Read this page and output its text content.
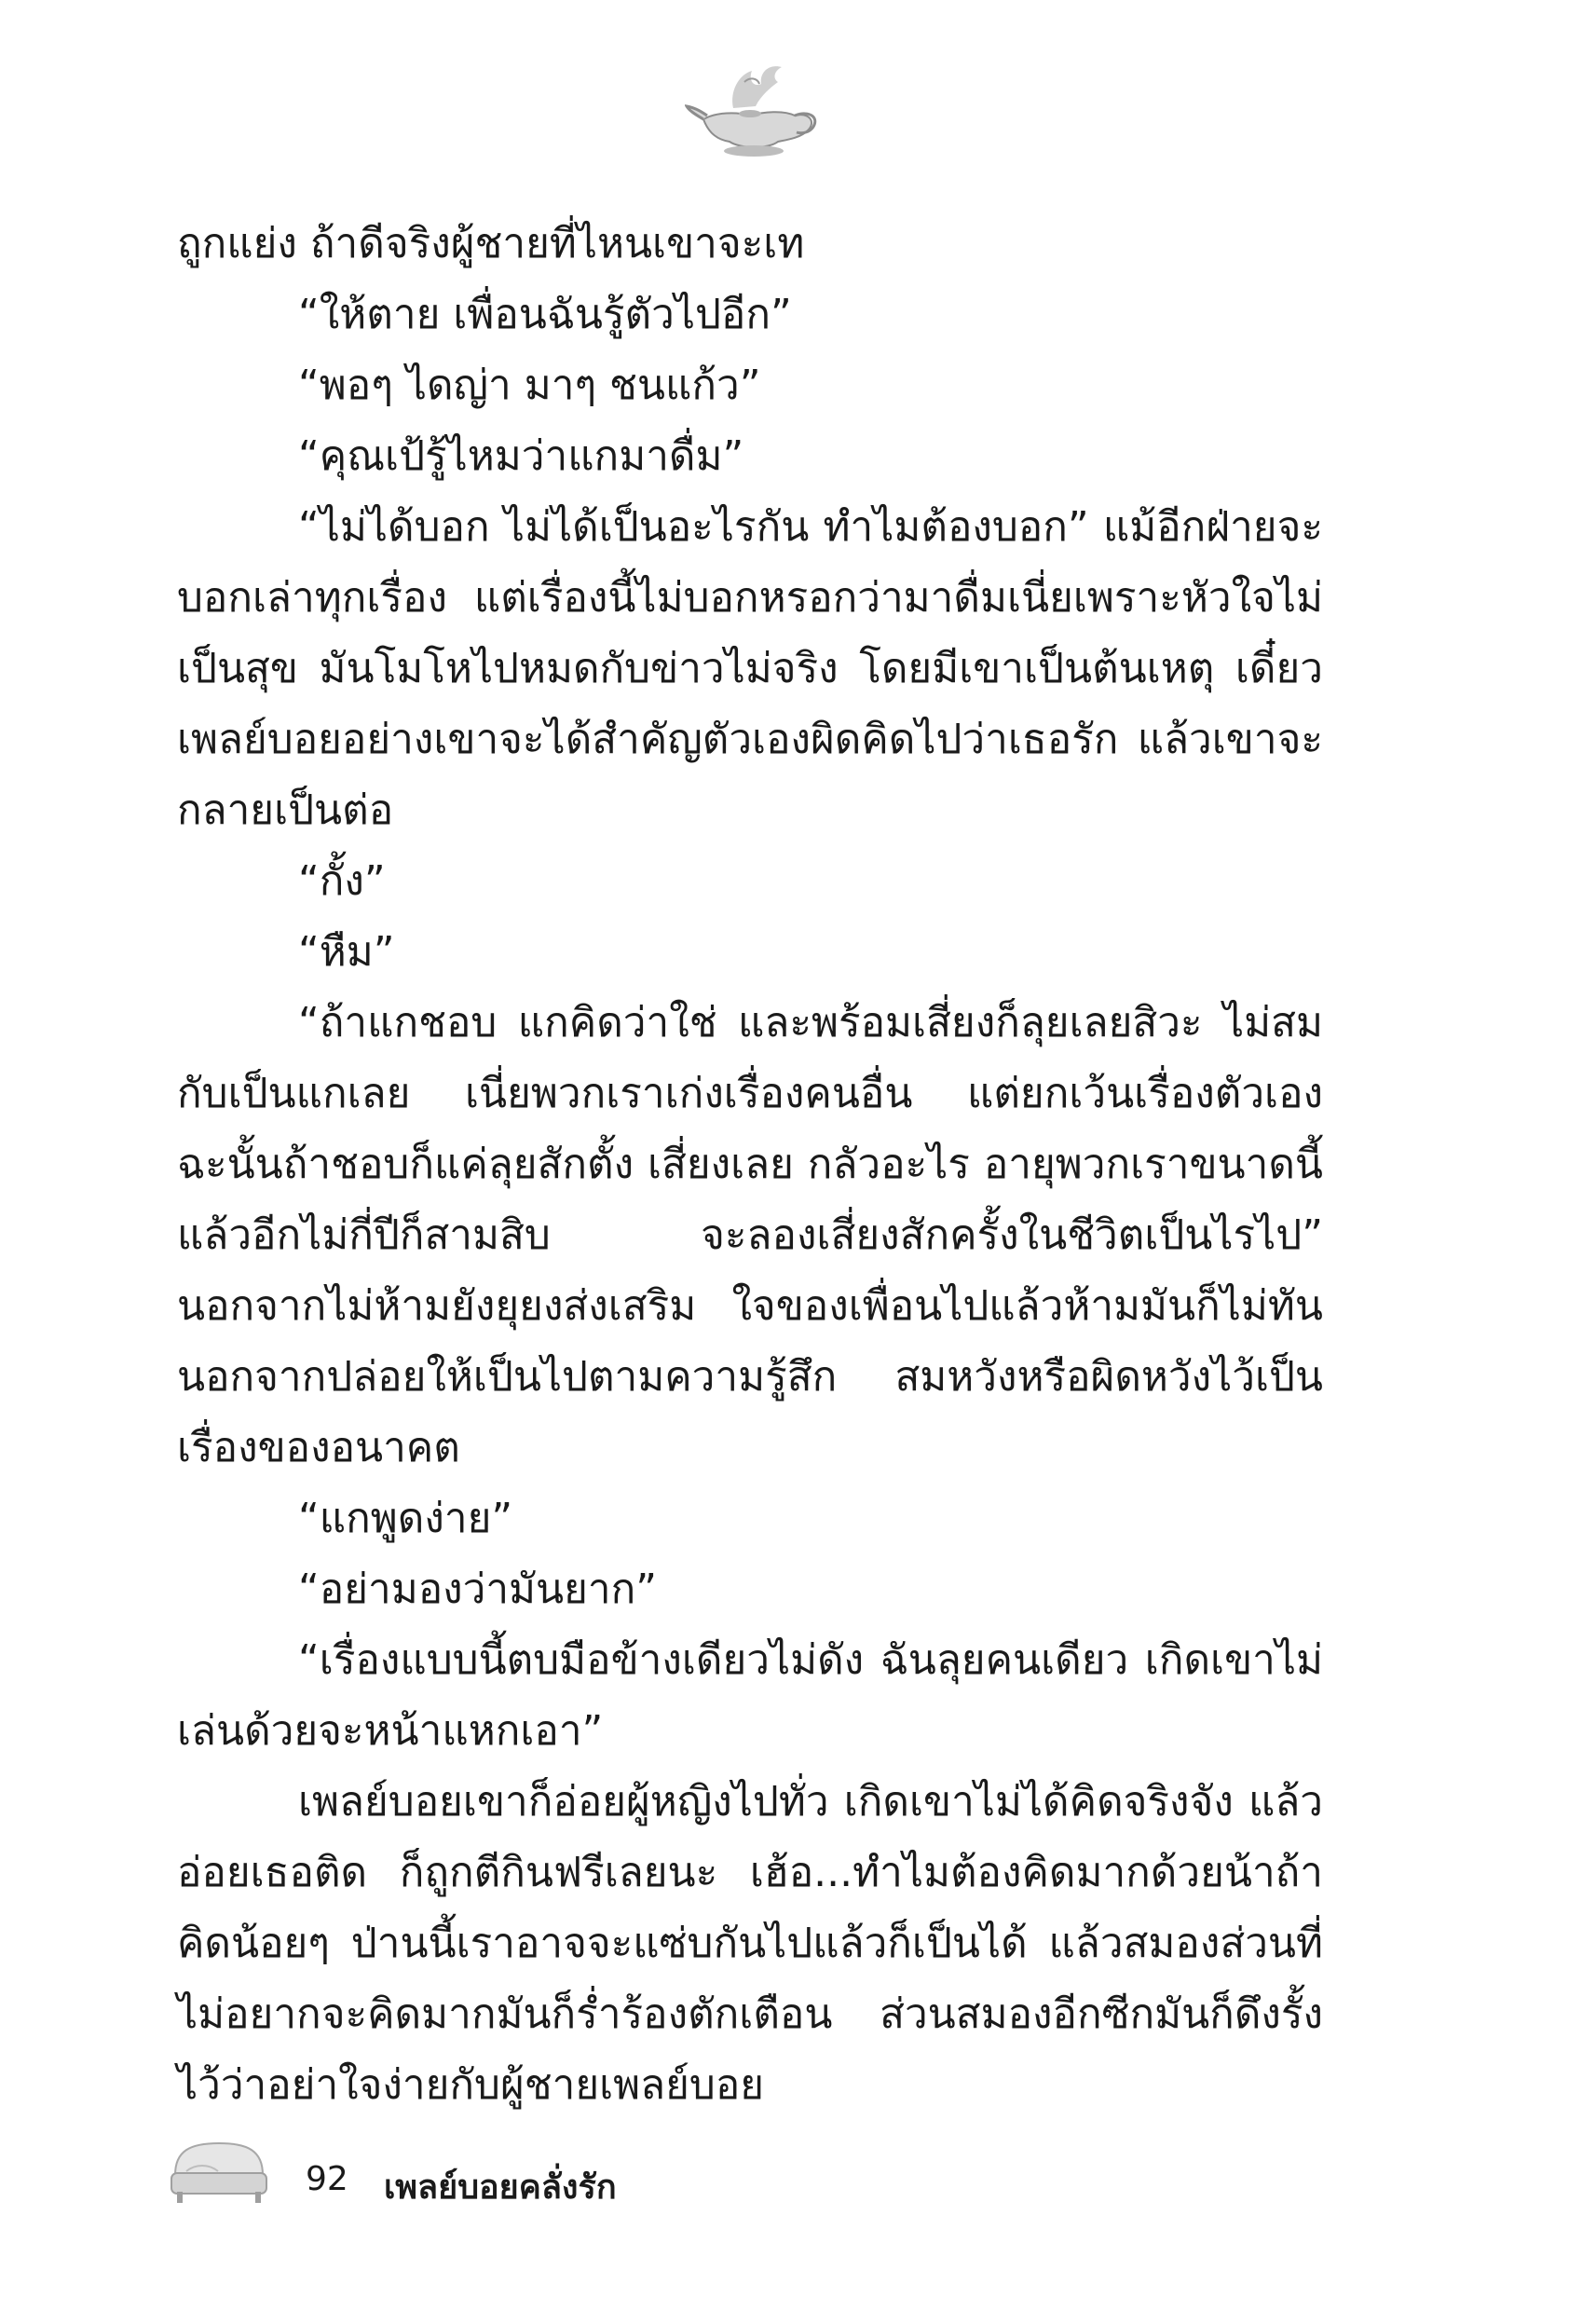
ถูกแย่ง ถ้าดีจริงผู้ชายที่ไหนเขาจะเท

“ให้ตาย เพื่อนฉันรู้ตัวไปอีก”

“พอๆ ไดญ่า มาๆ ชนแก้ว”

“คุณเป้รู้ไหมว่าแกมาดื่ม”

“ไม่ได้บอก ไม่ได้เป็นอะไรกัน ทำไมต้องบอก” แม้อีกฝ่ายจะบอกเล่าทุกเรื่อง แต่เรื่องนี้ไม่บอกหรอกว่ามาดื่มเนี่ยเพราะหัวใจไม่เป็นสุข มันโมโหไปหมดกับข่าวไม่จริง โดยมีเขาเป็นต้นเหตุ เดี๋ยวเพลย์บอยอย่างเขาจะได้สำคัญตัวเองผิดคิดไปว่าเธอรัก แล้วเขาจะกลายเป็นต่อ

“กั้ง”

“หืม”

“ถ้าแกชอบ แกคิดว่าใช่ และพร้อมเสี่ยงก็ลุยเลยสิวะ ไม่สมกับเป็นแกเลย เนี่ยพวกเราเก่งเรื่องคนอื่น แต่ยกเว้นเรื่องตัวเอง ฉะนั้นถ้าชอบก็แค่ลุยสักตั้ง เสี่ยงเลย กลัวอะไร อายุพวกเราขนาดนี้แล้วอีกไม่กี่ปีก็สามสิบ จะลองเสี่ยงสักครั้งในชีวิตเป็นไรไป” นอกจากไม่ห้ามยังยุยงส่งเสริม ใจของเพื่อนไปแล้วห้ามมันก็ไม่ทัน นอกจากปล่อยให้เป็นไปตามความรู้สึก สมหวังหรือผิดหวังไว้เป็นเรื่องของอนาคต

“แกพูดง่าย”

“อย่ามองว่ามันยาก”

“เรื่องแบบนี้ตบมือข้างเดียวไม่ดัง ฉันลุยคนเดียว เกิดเขาไม่เล่นด้วยจะหน้าแหกเอา”

เพลย์บอยเขาก็อ่อยผู้หญิงไปทั่ว เกิดเขาไม่ได้คิดจริงจัง แล้วอ่อยเธอติด ก็ถูกตีกินฟรีเลยนะ เฮ้อ...ทำไมต้องคิดมากด้วยน้าถ้าคิดน้อยๆ ป่านนี้เราอาจจะแซ่บกันไปแล้วก็เป็นได้ แล้วสมองส่วนที่ไม่อยากจะคิดมากมันก็ร่ำร้องตักเตือน ส่วนสมองอีกซีกมันก็ดึงรั้งไว้ว่าอย่าใจง่ายกับผู้ชายเพลย์บอย

92 เพลย์บอยคลั่งรัก
